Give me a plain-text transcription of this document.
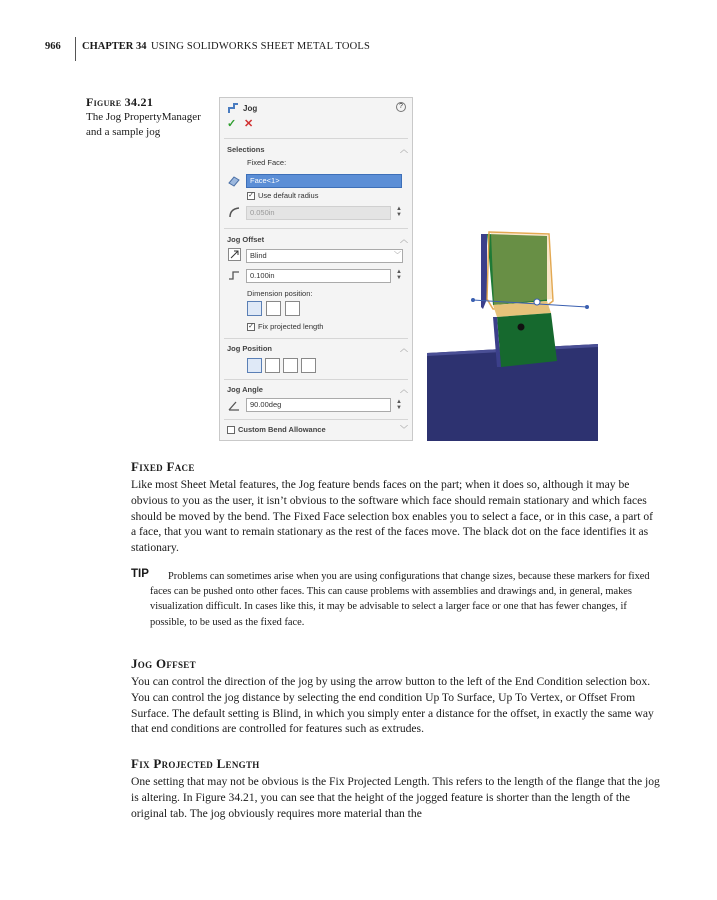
966 CHAPTER 34 USING SOLIDWORKS SHEET METAL TOOLS
Figure 34.21
The Jog PropertyManager and a sample jog
Jog	?
✓ ✕
Selections	︿
Fixed Face:
Face<1>
✓ Use default radius
0.050in	▲
▼
Jog Offset	︿
Blind	﹀
0.100in	▲
▼
Dimension position:
✓ Fix projected length
Jog Position	︿
Jog Angle	︿
90.00deg	▲
▼
Custom Bend Allowance	﹀
Fixed Face
Like most Sheet Metal features, the Jog feature bends faces on the part; when it does so, although it may be obvious to you as the user, it isn’t obvious to the software which face should remain stationary and which faces should be moved by the bend. The Fixed Face selection box enables you to select a face, or in this case, a part of a face, that you want to remain stationary as the rest of the faces move. The black dot on the face identifies it as stationary.
TIP	Problems can sometimes arise when you are using configurations that change sizes, because these markers for fixed faces can be pushed onto other faces. This can cause problems with assemblies and drawings and, in general, makes visualization difficult. In cases like this, it may be advisable to select a larger face or one that has fewer changes, if possible, to be used as the fixed face.
Jog Offset
You can control the direction of the jog by using the arrow button to the left of the End Condition selection box. You can control the jog distance by selecting the end condition Up To Surface, Up To Vertex, or Offset From Surface. The default setting is Blind, in which you simply enter a distance for the offset, in exactly the same way that end conditions are controlled for features such as extrudes.
Fix Projected Length
One setting that may not be obvious is the Fix Projected Length. This refers to the length of the flange that the jog is altering. In Figure 34.21, you can see that the height of the jogged feature is shorter than the length of the original tab. The jog obviously requires more material than the
